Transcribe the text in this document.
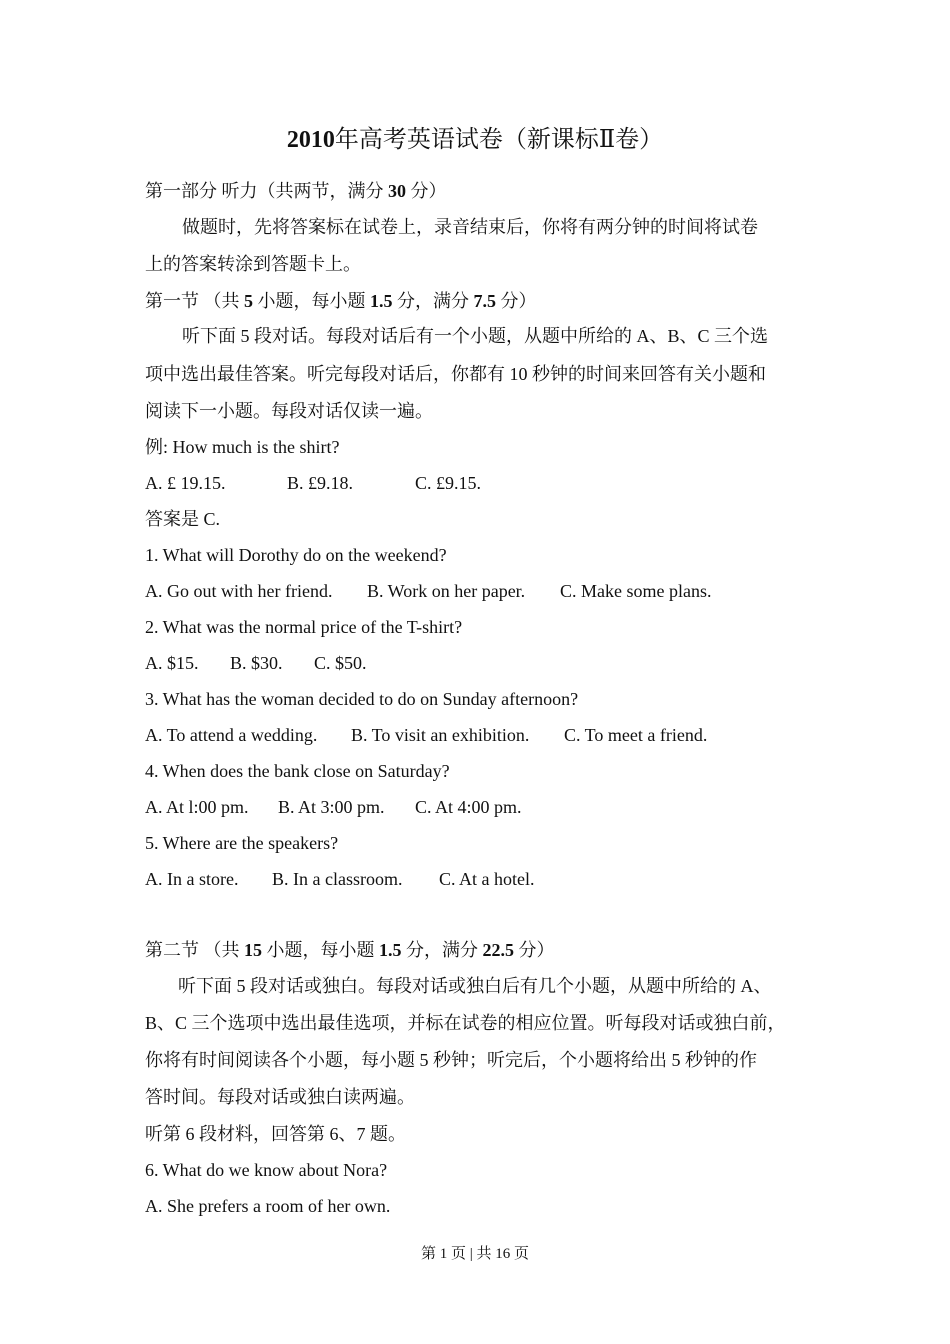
2010年高考英语试卷（新课标Ⅱ卷）
第一部分 听力（共两节，满分 30 分）
做题时，先将答案标在试卷上，录音结束后，你将有两分钟的时间将试卷
上的答案转涂到答题卡上。
第一节 （共 5 小题，每小题 1.5 分，满分 7.5 分）
听下面 5 段对话。每段对话后有一个小题，从题中所给的 A、B、C 三个选
项中选出最佳答案。听完每段对话后，你都有 10 秒钟的时间来回答有关小题和
阅读下一小题。每段对话仅读一遍。
例: How much is the shirt?
A. £ 19.15.	B. £9.18.	C. £9.15.
答案是 C.
1. What will Dorothy do on the weekend?
A. Go out with her friend. B. Work on her paper. C. Make some plans.
2. What was the normal price of the T-shirt?
A. $15. B. $30. C. $50.
3. What has the woman decided to do on Sunday afternoon?
A. To attend a wedding. B. To visit an exhibition. C. To meet a friend.
4. When does the bank close on Saturday?
A. At l:00 pm. B. At 3:00 pm. C. At 4:00 pm.
5. Where are the speakers?
A. In a store. B. In a classroom. C. At a hotel.
第二节 （共 15 小题，每小题 1.5 分，满分 22.5 分）
听下面 5 段对话或独白。每段对话或独白后有几个小题，从题中所给的 A、
B、C 三个选项中选出最佳选项，并标在试卷的相应位置。听每段对话或独白前，
你将有时间阅读各个小题，每小题 5 秒钟；听完后，个小题将给出 5 秒钟的作
答时间。每段对话或独白读两遍。
听第 6 段材料，回答第 6、7 题。
6. What do we know about Nora?
A. She prefers a room of her own.
第 1 页 | 共 16 页
